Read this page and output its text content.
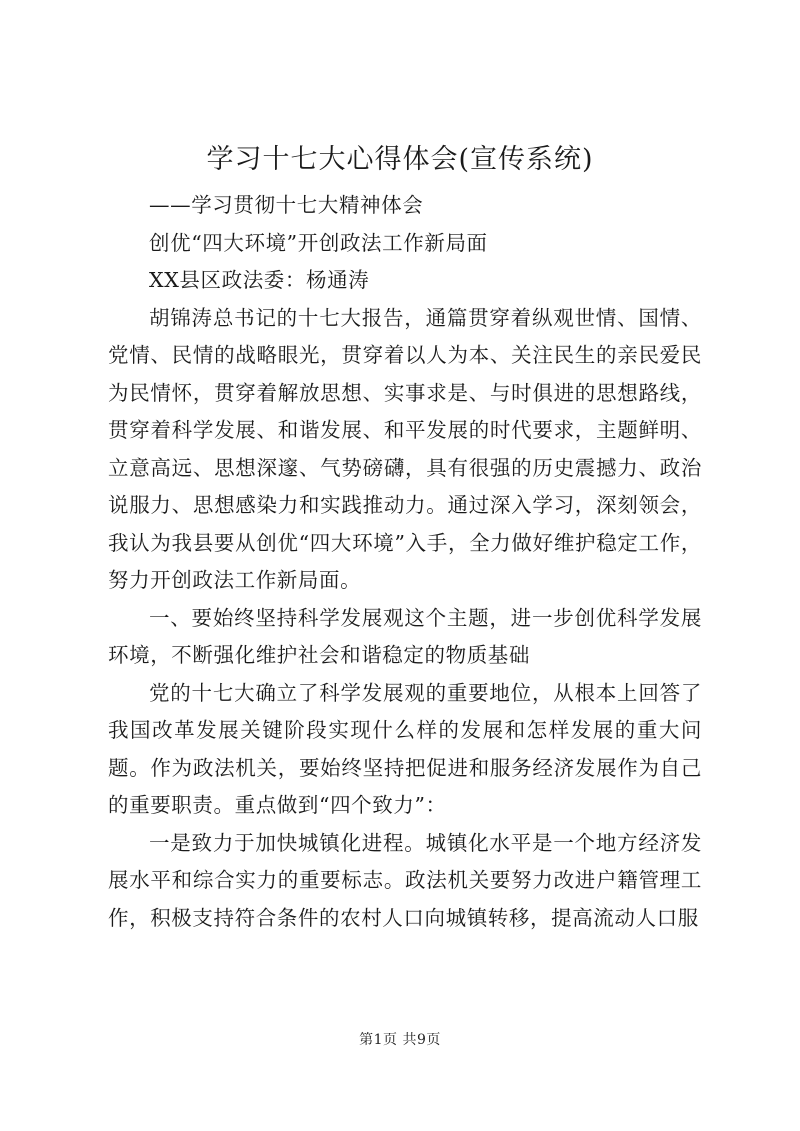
学习十七大心得体会(宣传系统)

——学习贯彻十七大精神体会

创优“四大环境”开创政法工作新局面

XX县区政法委：杨通涛

胡锦涛总书记的十七大报告，通篇贯穿着纵观世情、国情、党情、民情的战略眼光，贯穿着以人为本、关注民生的亲民爱民为民情怀，贯穿着解放思想、实事求是、与时俱进的思想路线，贯穿着科学发展、和谐发展、和平发展的时代要求，主题鲜明、立意高远、思想深邃、气势磅礴，具有很强的历史震撼力、政治说服力、思想感染力和实践推动力。通过深入学习，深刻领会，我认为我县要从创优“四大环境”入手，全力做好维护稳定工作，努力开创政法工作新局面。

一、要始终坚持科学发展观这个主题，进一步创优科学发展环境，不断强化维护社会和谐稳定的物质基础

党的十七大确立了科学发展观的重要地位，从根本上回答了我国改革发展关键阶段实现什么样的发展和怎样发展的重大问题。作为政法机关，要始终坚持把促进和服务经济发展作为自己的重要职责。重点做到“四个致力”：

一是致力于加快城镇化进程。城镇化水平是一个地方经济发展水平和综合实力的重要标志。政法机关要努力改进户籍管理工作，积极支持符合条件的农村人口向城镇转移，提高流动人口服

第1页 共9页
